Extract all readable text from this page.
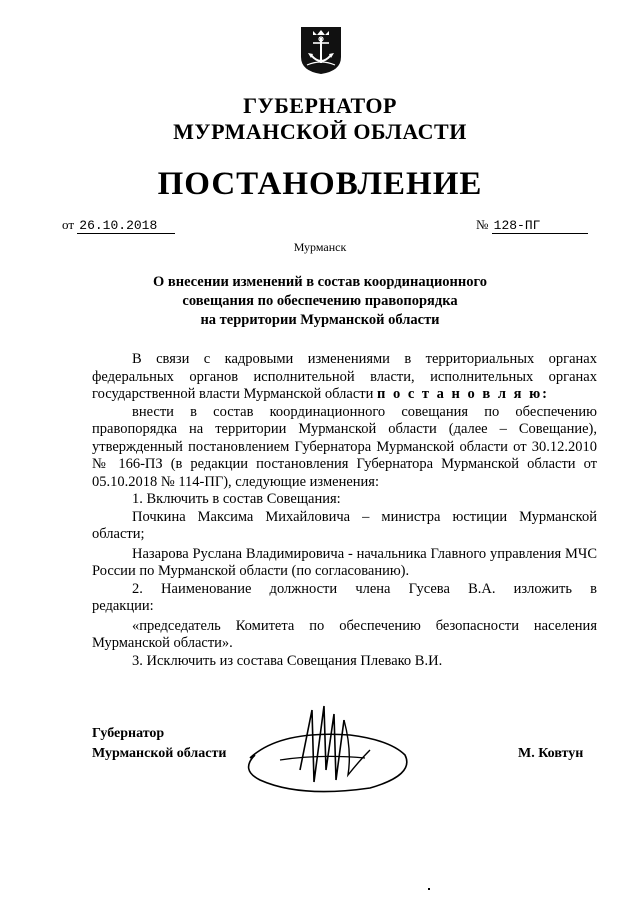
ГУБЕРНАТОР
МУРМАНСКОЙ ОБЛАСТИ
ПОСТАНОВЛЕНИЕ
от 26.10.2018	№ 128-ПГ
Мурманск
О внесении изменений в состав координационного
совещания по обеспечению правопорядка
на территории Мурманской области

В связи с кадровыми изменениями в территориальных органах федеральных органов исполнительной власти, исполнительных органах государственной власти Мурманской области п о с т а н о в л я ю:

внести в состав координационного совещания по обеспечению правопорядка на территории Мурманской области (далее – Совещание), утвержденный постановлением Губернатора Мурманской области от 30.12.2010 № 166-ПЗ (в редакции постановления Губернатора Мурманской области от 05.10.2018 № 114-ПГ), следующие изменения:

1. Включить в состав Совещания:

Почкина Максима Михайловича – министра юстиции Мурманской области;

Назарова Руслана Владимировича - начальника Главного управления МЧС России по Мурманской области (по согласованию).

2. Наименование должности члена Гусева В.А. изложить в

редакции:

«председатель Комитета по обеспечению безопасности населения Мурманской области».

3. Исключить из состава Совещания Плевако В.И.

Губернатор
Мурманской области	М. Ковтун
